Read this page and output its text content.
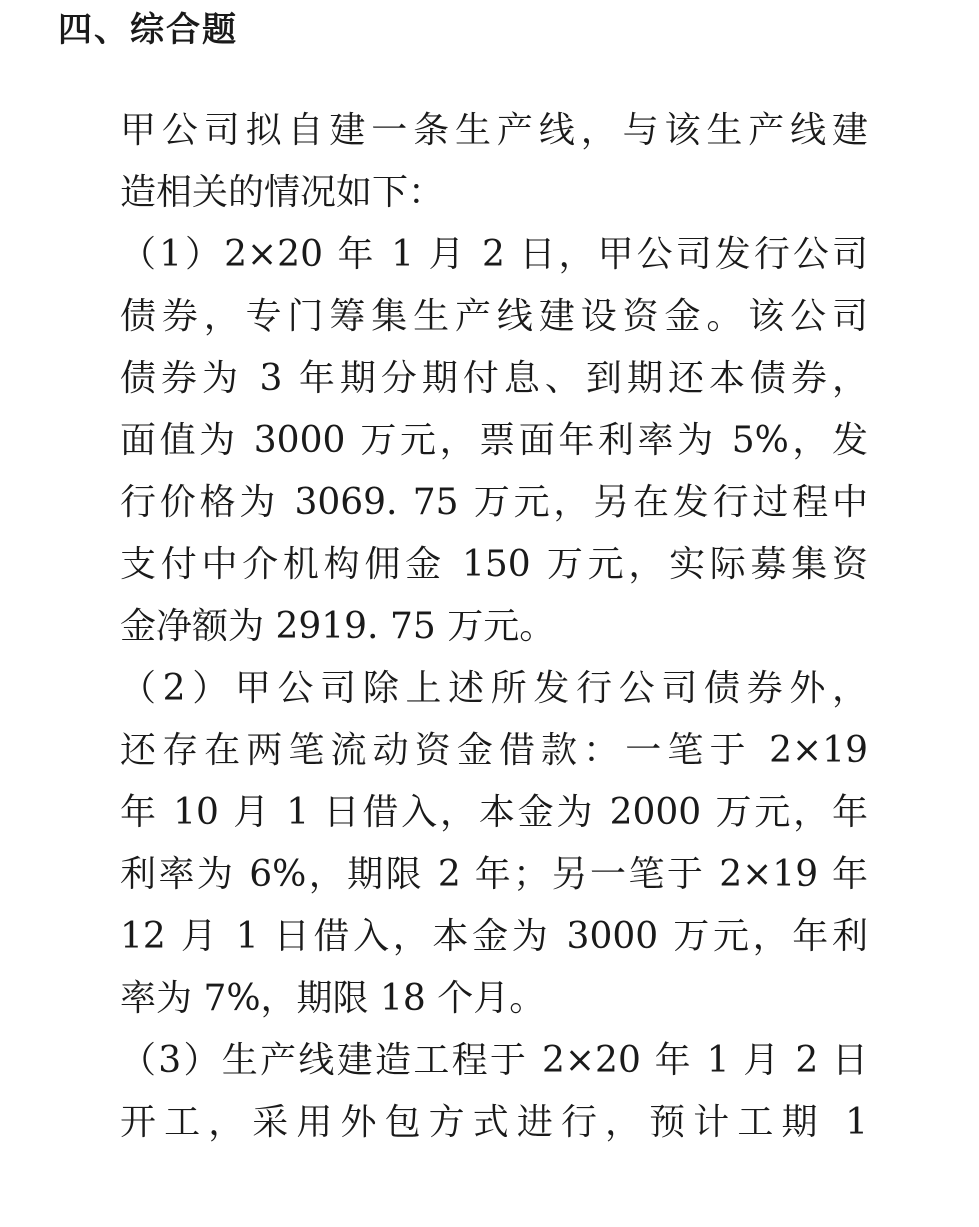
四、综合题
甲公司拟自建一条生产线，与该生产线建
造相关的情况如下：
（1）2×20 年 1 月 2 日，甲公司发行公司
债券，专门筹集生产线建设资金。该公司
债券为 3 年期分期付息、到期还本债券，
面值为 3000 万元，票面年利率为 5%，发
行价格为 3069. 75 万元，另在发行过程中
支付中介机构佣金 150 万元，实际募集资
金净额为 2919. 75 万元。
（2）甲公司除上述所发行公司债券外，
还存在两笔流动资金借款：一笔于 2×19
年 10 月 1 日借入，本金为 2000 万元，年
利率为 6%，期限 2 年；另一笔于 2×19 年
12 月 1 日借入，本金为 3000 万元，年利
率为 7%，期限 18 个月。
（3）生产线建造工程于 2×20 年 1 月 2 日
开工，采用外包方式进行，预计工期 1
